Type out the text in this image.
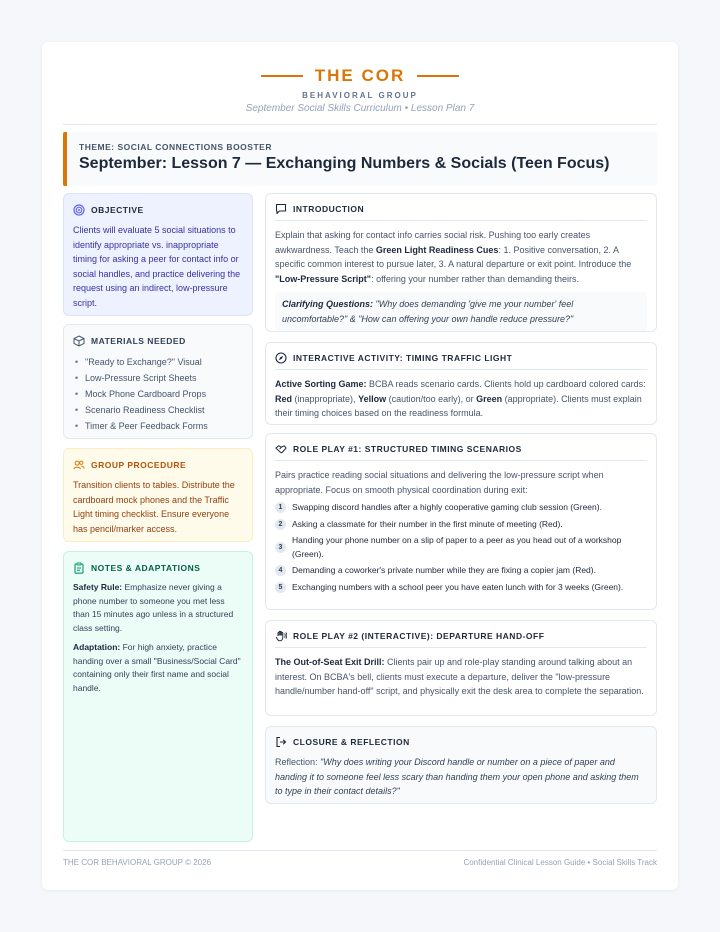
THE COR
BEHAVIORAL GROUP
September Social Skills Curriculum • Lesson Plan 7
THEME: SOCIAL CONNECTIONS BOOSTER
September: Lesson 7 — Exchanging Numbers & Socials (Teen Focus)
OBJECTIVE
Clients will evaluate 5 social situations to identify appropriate vs. inappropriate timing for asking a peer for contact info or social handles, and practice delivering the request using an indirect, low-pressure script.
MATERIALS NEEDED
• "Ready to Exchange?" Visual
• Low-Pressure Script Sheets
• Mock Phone Cardboard Props
• Scenario Readiness Checklist
• Timer & Peer Feedback Forms
GROUP PROCEDURE
Transition clients to tables. Distribute the cardboard mock phones and the Traffic Light timing checklist. Ensure everyone has pencil/marker access.
NOTES & ADAPTATIONS
Safety Rule: Emphasize never giving a phone number to someone you met less than 15 minutes ago unless in a structured class setting.
Adaptation: For high anxiety, practice handing over a small "Business/Social Card" containing only their first name and social handle.
INTRODUCTION
Explain that asking for contact info carries social risk. Pushing too early creates awkwardness. Teach the Green Light Readiness Cues: 1. Positive conversation, 2. A specific common interest to pursue later, 3. A natural departure or exit point. Introduce the "Low-Pressure Script": offering your number rather than demanding theirs.
Clarifying Questions: "Why does demanding 'give me your number' feel uncomfortable?" & "How can offering your own handle reduce pressure?"
INTERACTIVE ACTIVITY: TIMING TRAFFIC LIGHT
Active Sorting Game: BCBA reads scenario cards. Clients hold up cardboard colored cards: Red (inappropriate), Yellow (caution/too early), or Green (appropriate). Clients must explain their timing choices based on the readiness formula.
ROLE PLAY #1: STRUCTURED TIMING SCENARIOS
Pairs practice reading social situations and delivering the low-pressure script when appropriate. Focus on smooth physical coordination during exit:
1	Swapping discord handles after a highly cooperative gaming club session (Green).
2	Asking a classmate for their number in the first minute of meeting (Red).
3
Handing your phone number on a slip of paper to a peer as you head out of a workshop (Green).
4	Demanding a coworker's private number while they are fixing a copier jam (Red).
5	Exchanging numbers with a school peer you have eaten lunch with for 3 weeks (Green).
ROLE PLAY #2 (INTERACTIVE): DEPARTURE HAND-OFF
The Out-of-Seat Exit Drill: Clients pair up and role-play standing around talking about an interest. On BCBA's bell, clients must execute a departure, deliver the "low-pressure handle/number hand-off" script, and physically exit the desk area to complete the separation.
CLOSURE & REFLECTION
Reflection: "Why does writing your Discord handle or number on a piece of paper and handing it to someone feel less scary than handing them your open phone and asking them to type in their contact details?"
THE COR BEHAVIORAL GROUP © 2026	Confidential Clinical Lesson Guide • Social Skills Track
